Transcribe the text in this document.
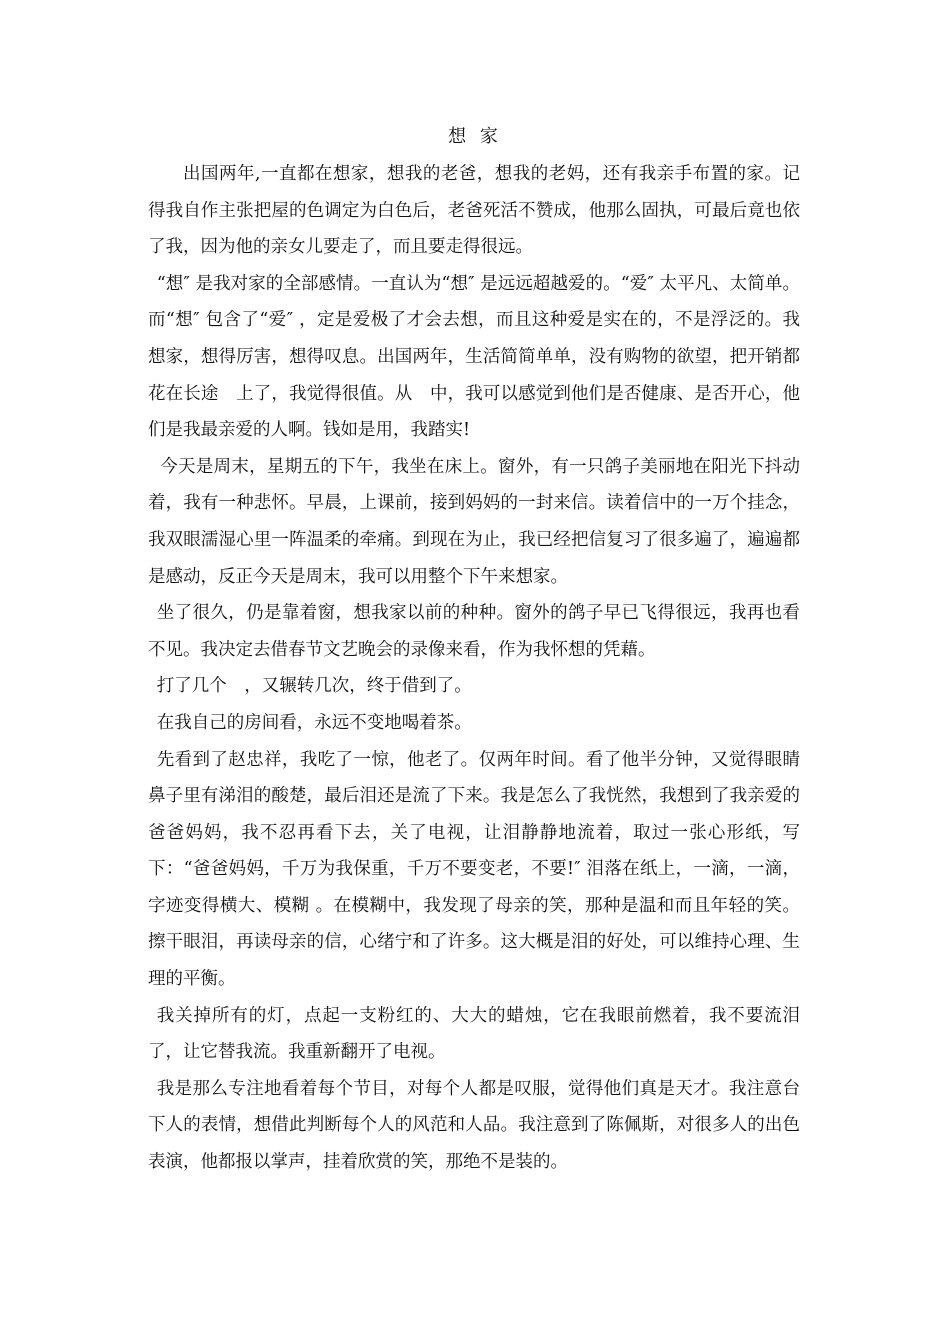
想 家

出国两年,一直都在想家，想我的老爸，想我的老妈，还有我亲手布置的家。记得我自作主张把屋的色调定为白色后，老爸死活不赞成，他那么固执，可最后竟也依了我，因为他的亲女儿要走了，而且要走得很远。

“想″ 是我对家的全部感情。一直认为“想″ 是远远超越爱的。“爱″ 太平凡、太简单。而“想″ 包含了“爱″ ，定是爱极了才会去想，而且这种爱是实在的，不是浮泛的。我想家，想得厉害，想得叹息。出国两年，生活简简单单，没有购物的欲望，把开销都花在长途　上了，我觉得很值。从　中，我可以感觉到他们是否健康、是否开心，他们是我最亲爱的人啊。钱如是用，我踏实!

今天是周末，星期五的下午，我坐在床上。窗外，有一只鸽子美丽地在阳光下抖动着，我有一种悲怀。早晨，上课前，接到妈妈的一封来信。读着信中的一万个挂念，我双眼濡湿心里一阵温柔的牵痛。到现在为止，我已经把信复习了很多遍了，遍遍都是感动，反正今天是周末，我可以用整个下午来想家。

坐了很久，仍是靠着窗，想我家以前的种种。窗外的鸽子早已飞得很远，我再也看不见。我决定去借春节文艺晚会的录像来看，作为我怀想的凭藉。

打了几个　，又辗转几次，终于借到了。

在我自己的房间看，永远不变地喝着茶。

先看到了赵忠祥，我吃了一惊，他老了。仅两年时间。看了他半分钟，又觉得眼睛鼻子里有涕泪的酸楚，最后泪还是流了下来。我是怎么了我恍然，我想到了我亲爱的爸爸妈妈，我不忍再看下去，关了电视，让泪静静地流着，取过一张心形纸，写下：“爸爸妈妈，千万为我保重，千万不要变老，不要!″ 泪落在纸上，一滴，一滴，字迹变得横大、模糊 。在模糊中，我发现了母亲的笑，那种是温和而且年轻的笑。 擦干眼泪，再读母亲的信，心绪宁和了许多。这大概是泪的好处，可以维持心理、生理的平衡。

我关掉所有的灯，点起一支粉红的、大大的蜡烛，它在我眼前燃着，我不要流泪了，让它替我流。我重新翻开了电视。

我是那么专注地看着每个节目，对每个人都是叹服，觉得他们真是天才。我注意台下人的表情，想借此判断每个人的风范和人品。我注意到了陈佩斯，对很多人的出色表演，他都报以掌声，挂着欣赏的笑，那绝不是装的。
